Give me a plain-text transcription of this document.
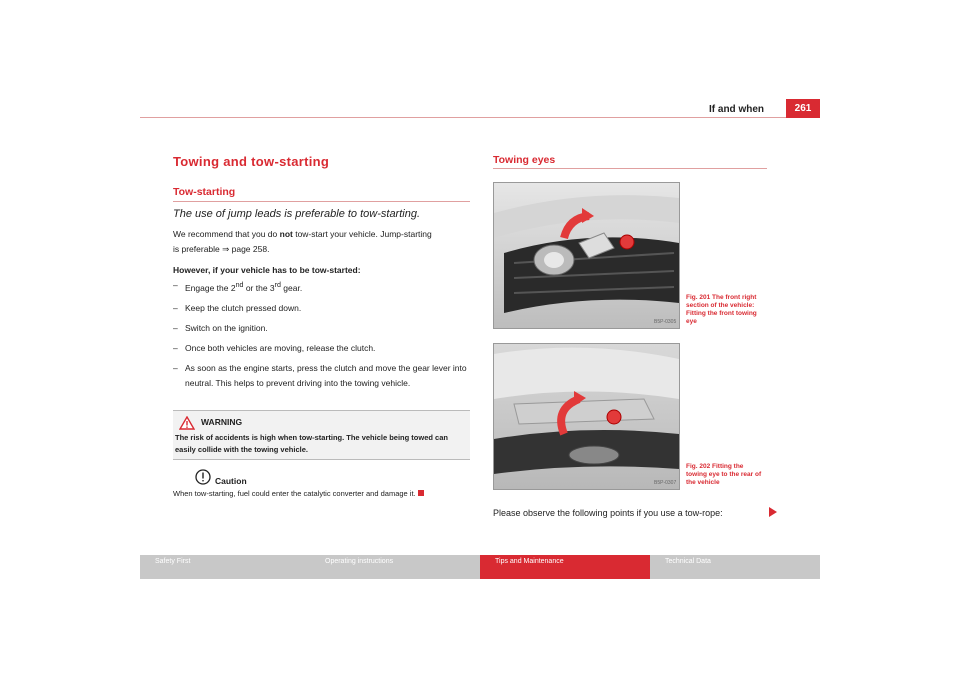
If and when	261
Towing and tow-starting
Tow-starting
The use of jump leads is preferable to tow-starting.
We recommend that you do not tow-start your vehicle. Jump-starting
is preferable ⇒ page 258.
However, if your vehicle has to be tow-started:
– Engage the 2nd or the 3rd gear.
– Keep the clutch pressed down.
– Switch on the ignition.
– Once both vehicles are moving, release the clutch.
– As soon as the engine starts, press the clutch and move the gear lever into neutral. This helps to prevent driving into the towing vehicle.
WARNING
The risk of accidents is high when tow-starting. The vehicle being towed can easily collide with the towing vehicle.
Caution
When tow-starting, fuel could enter the catalytic converter and damage it.
Towing eyes
B5P-0305
Fig. 201 The front right section of the vehicle: Fitting the front towing eye
B5P-0307
Fig. 202 Fitting the towing eye to the rear of the vehicle
Please observe the following points if you use a tow-rope:
Safety First	Operating instructions	Tips and Maintenance	Technical Data
